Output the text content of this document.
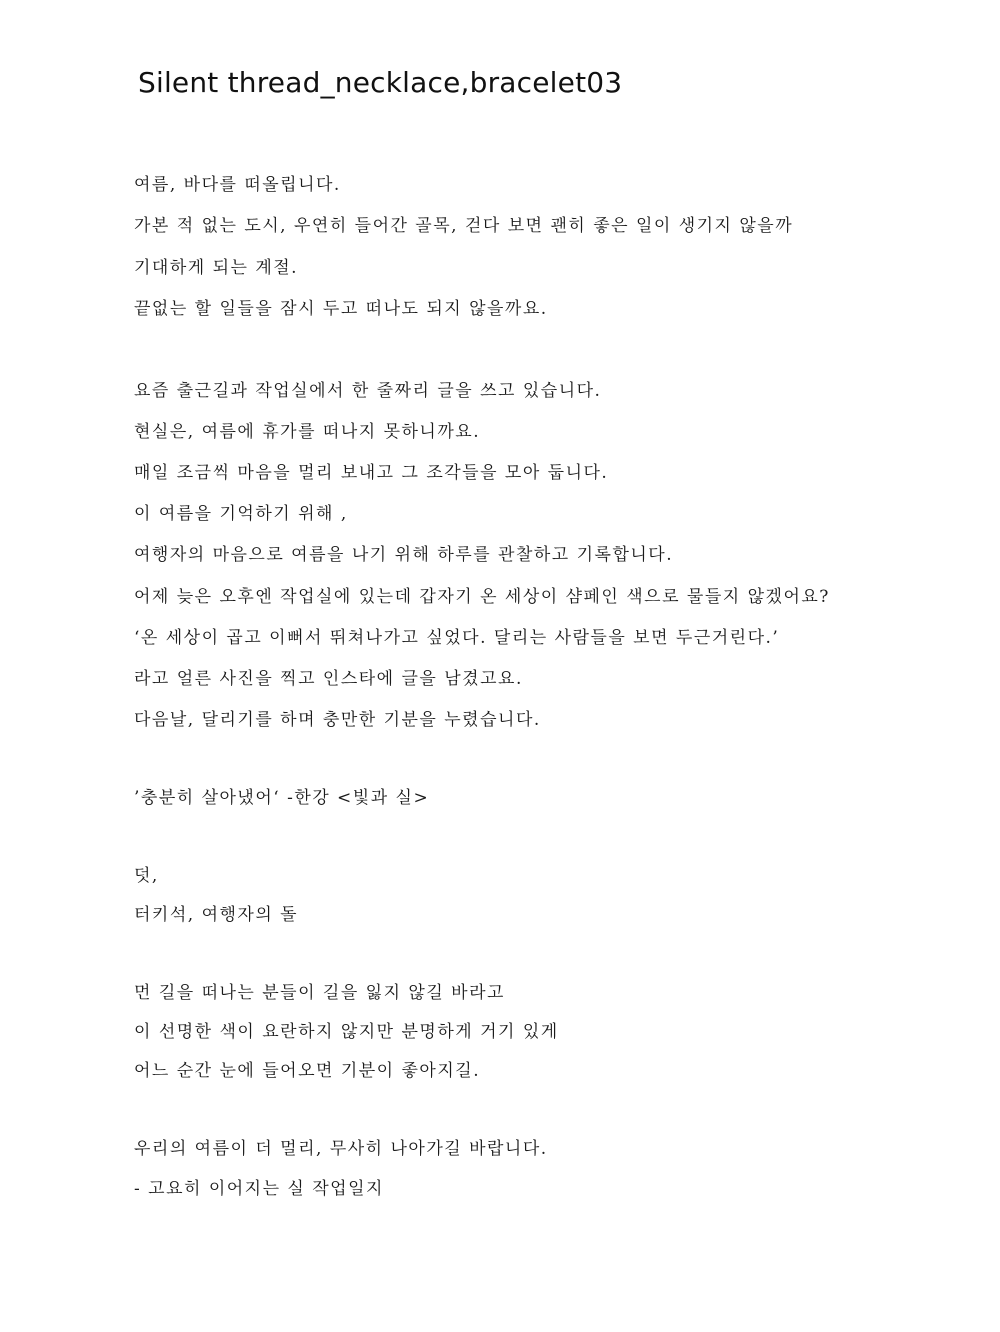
Silent thread_necklace,bracelet03

여름, 바다를 떠올립니다.

가본 적 없는 도시, 우연히 들어간 골목, 걷다 보면 괜히 좋은 일이 생기지 않을까

기대하게 되는 계절.

끝없는 할 일들을 잠시 두고 떠나도 되지 않을까요.

요즘 출근길과 작업실에서 한 줄짜리 글을 쓰고 있습니다.

현실은, 여름에 휴가를 떠나지 못하니까요.

매일 조금씩 마음을 멀리 보내고 그 조각들을 모아 둡니다.

이 여름을 기억하기 위해 ,

여행자의 마음으로 여름을 나기 위해 하루를 관찰하고 기록합니다.

어제 늦은 오후엔 작업실에 있는데 갑자기 온 세상이 샴페인 색으로 물들지 않겠어요?

‘온 세상이 곱고 이뻐서 뛰쳐나가고 싶었다. 달리는 사람들을 보면 두근거린다.’

라고 얼른 사진을 찍고 인스타에 글을 남겼고요.

다음날, 달리기를 하며 충만한 기분을 누렸습니다.

’충분히 살아냈어‘ -한강 <빛과 실>

덧,

터키석, 여행자의 돌

먼 길을 떠나는 분들이 길을 잃지 않길 바라고

이 선명한 색이 요란하지 않지만 분명하게 거기 있게

어느 순간 눈에 들어오면 기분이 좋아지길.

우리의 여름이 더 멀리, 무사히 나아가길 바랍니다.

- 고요히 이어지는 실 작업일지
